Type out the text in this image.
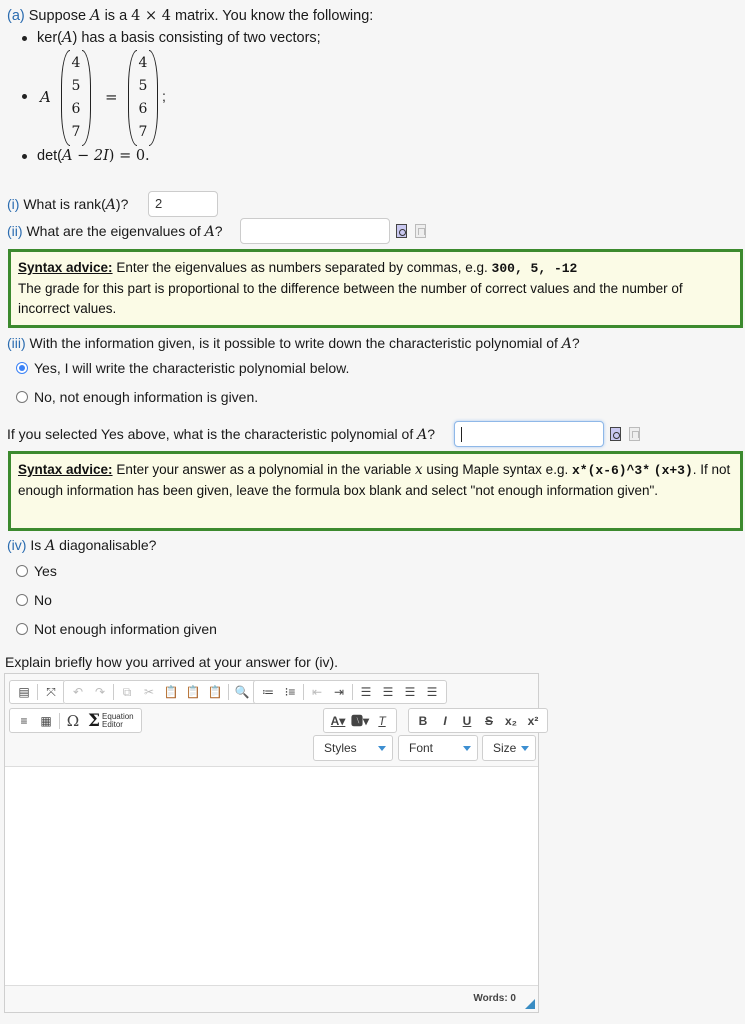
(a) Suppose A is a 4 × 4 matrix. You know the following:
ker(A) has a basis consisting of two vectors;
A
4
5
6
7
=
4
5
6
7
;
det(A − 2I) = 0.
(i) What is rank(A)?	2
(ii) What are the eigenvalues of A?
Syntax advice: Enter the eigenvalues as numbers separated by commas, e.g. 300, 5, -12
The grade for this part is proportional to the difference between the number of correct values and the number of incorrect values.
(iii) With the information given, is it possible to write down the characteristic polynomial of A?
Yes, I will write the characteristic polynomial below.
No, not enough information is given.
If you selected Yes above, what is the characteristic polynomial of A?
Syntax advice: Enter your answer as a polynomial in the variable x using Maple syntax e.g. x*(x-6)^3* (x+3). If not enough information has been given, leave the formula box blank and select "not enough information given".
(iv) Is A diagonalisable?
Yes
No
Not enough information given
Explain briefly how you arrived at your answer for (iv).
▤	⤧	↶ ↷	⧉	✂ 📋 📋 📋 🔍	≔ ⁝≡	⇤ ⇥	☰ ☰ ☰ ☰
≡	▦	Ω Σ Equation
Editor	A▾ 🅰▾ T	B	I	U	S x₂ x²
Styles	Font	Size
Words: 0
